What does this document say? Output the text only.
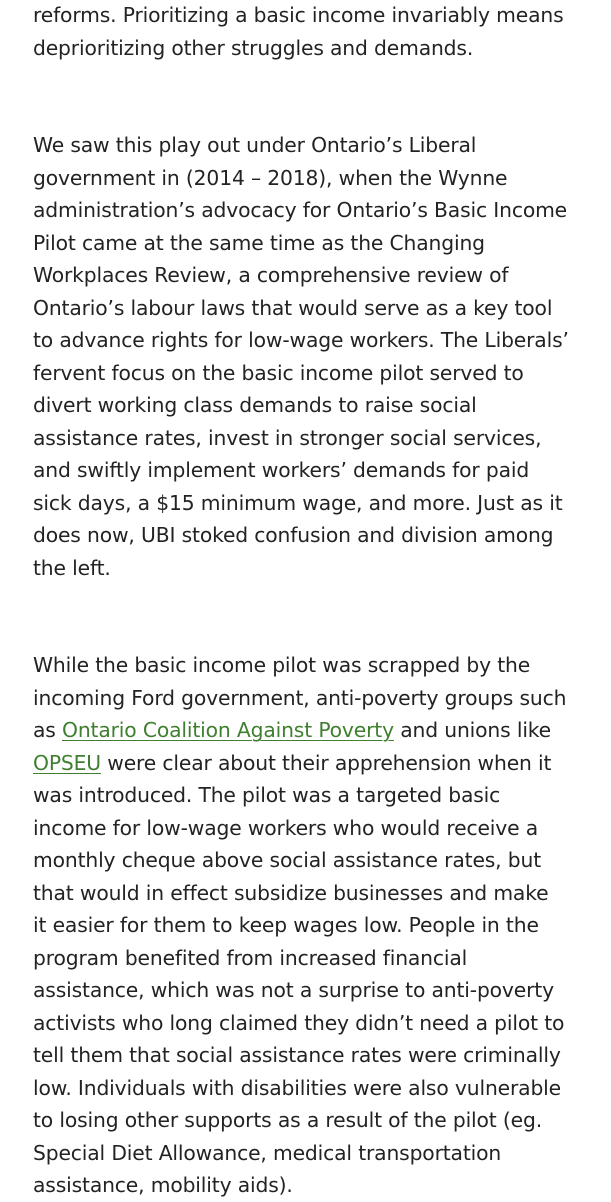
reforms. Prioritizing a basic income invariably means
deprioritizing other struggles and demands.

We saw this play out under Ontario’s Liberal
government in (2014 – 2018), when the Wynne
administration’s advocacy for Ontario’s Basic Income
Pilot came at the same time as the Changing
Workplaces Review, a comprehensive review of
Ontario’s labour laws that would serve as a key tool
to advance rights for low-wage workers. The Liberals’
fervent focus on the basic income pilot served to
divert working class demands to raise social
assistance rates, invest in stronger social services,
and swiftly implement workers’ demands for paid
sick days, a $15 minimum wage, and more. Just as it
does now, UBI stoked confusion and division among
the left.

While the basic income pilot was scrapped by the
incoming Ford government, anti-poverty groups such
as Ontario Coalition Against Poverty and unions like
OPSEU were clear about their apprehension when it
was introduced. The pilot was a targeted basic
income for low-wage workers who would receive a
monthly cheque above social assistance rates, but
that would in effect subsidize businesses and make
it easier for them to keep wages low. People in the
program benefited from increased financial
assistance, which was not a surprise to anti-poverty
activists who long claimed they didn’t need a pilot to
tell them that social assistance rates were criminally
low. Individuals with disabilities were also vulnerable
to losing other supports as a result of the pilot (eg.
Special Diet Allowance, medical transportation
assistance, mobility aids).
